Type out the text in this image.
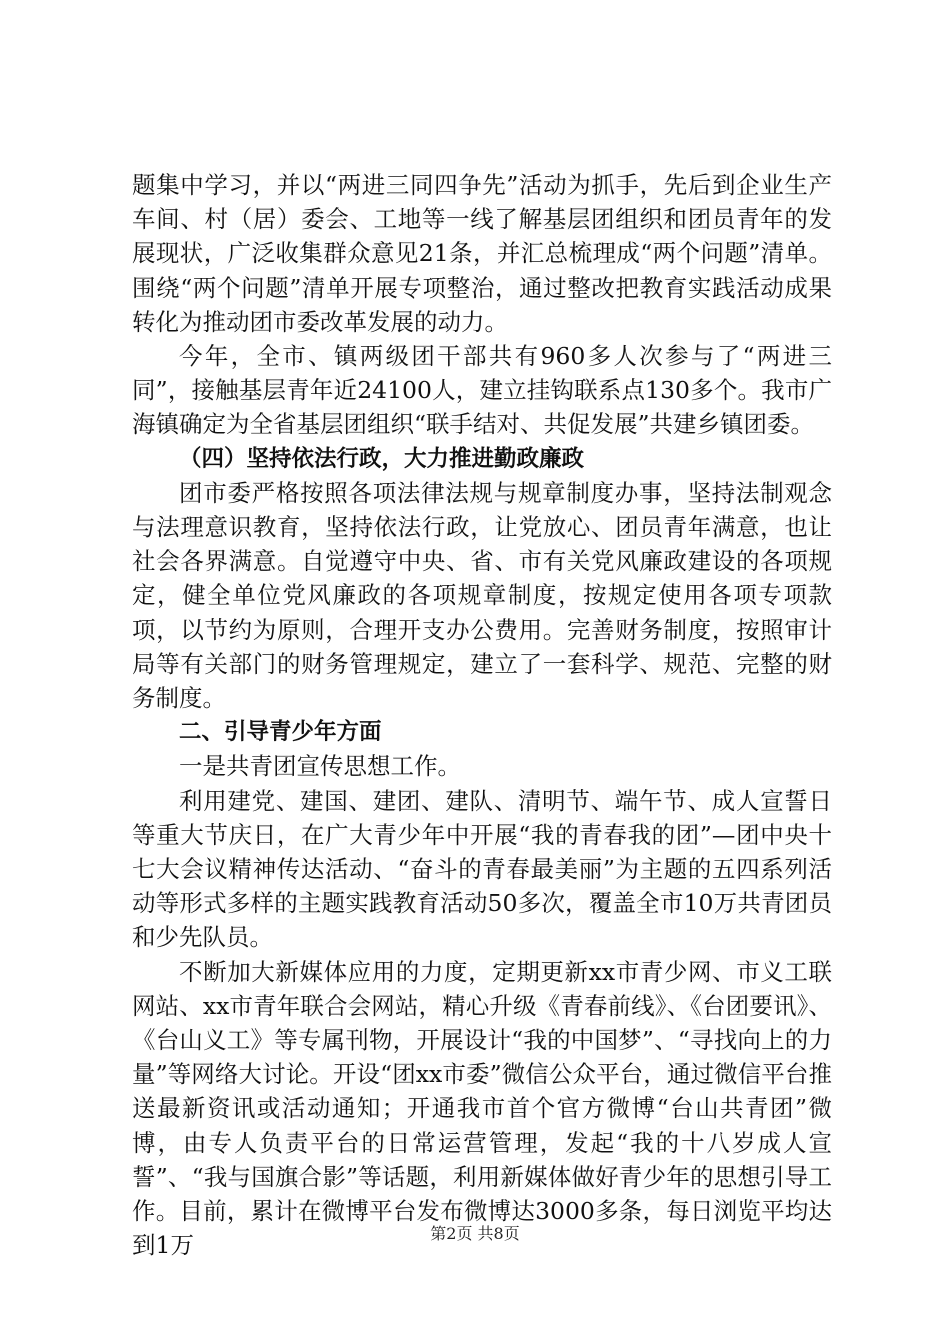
题集中学习，并以“两进三同四争先”活动为抓手，先后到企业生产车间、村（居）委会、工地等一线了解基层团组织和团员青年的发展现状，广泛收集群众意见21条，并汇总梳理成“两个问题”清单。围绕“两个问题”清单开展专项整治，通过整改把教育实践活动成果转化为推动团市委改革发展的动力。

今年，全市、镇两级团干部共有960多人次参与了“两进三同”，接触基层青年近24100人，建立挂钩联系点130多个。我市广海镇确定为全省基层团组织“联手结对、共促发展”共建乡镇团委。

（四）坚持依法行政，大力推进勤政廉政

团市委严格按照各项法律法规与规章制度办事，坚持法制观念与法理意识教育，坚持依法行政，让党放心、团员青年满意，也让社会各界满意。自觉遵守中央、省、市有关党风廉政建设的各项规定，健全单位党风廉政的各项规章制度，按规定使用各项专项款项，以节约为原则，合理开支办公费用。完善财务制度，按照审计局等有关部门的财务管理规定，建立了一套科学、规范、完整的财务制度。

二、引导青少年方面

一是共青团宣传思想工作。

利用建党、建国、建团、建队、清明节、端午节、成人宣誓日等重大节庆日，在广大青少年中开展“我的青春我的团”—团中央十七大会议精神传达活动、“奋斗的青春最美丽”为主题的五四系列活动等形式多样的主题实践教育活动50多次，覆盖全市10万共青团员和少先队员。

不断加大新媒体应用的力度，定期更新xx市青少网、市义工联网站、xx市青年联合会网站，精心升级《青春前线》、《台团要讯》、《台山义工》等专属刊物，开展设计“我的中国梦”、“寻找向上的力量”等网络大讨论。开设“团xx市委”微信公众平台，通过微信平台推送最新资讯或活动通知；开通我市首个官方微博“台山共青团”微博，由专人负责平台的日常运营管理，发起“我的十八岁成人宣誓”、“我与国旗合影”等话题，利用新媒体做好青少年的思想引导工作。目前，累计在微博平台发布微博达3000多条，每日浏览平均达到1万	第2页 共8页
